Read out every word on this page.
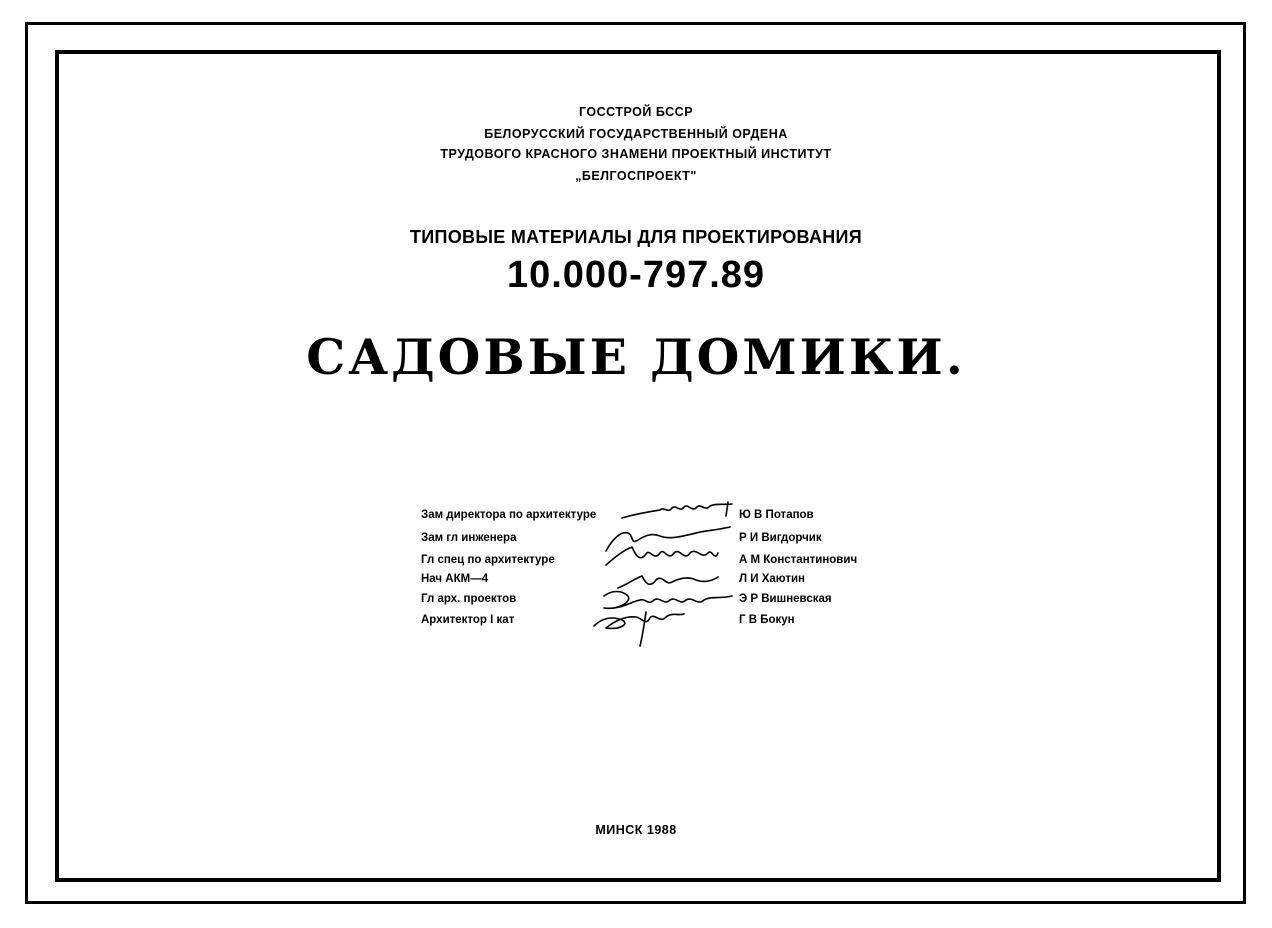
ГОССТРОЙ БССР
БЕЛОРУССКИЙ ГОСУДАРСТВЕННЫЙ ОРДЕНА
ТРУДОВОГО КРАСНОГО ЗНАМЕНИ ПРОЕКТНЫЙ ИНСТИТУТ
„БЕЛГОСПРОЕКТ"
ТИПОВЫЕ МАТЕРИАЛЫ ДЛЯ ПРОЕКТИРОВАНИЯ
10.000-797.89
САДОВЫЕ ДОМИКИ.
Зам директора по архитектуре	Ю В Потапов
Зам гл инженера	Р И Вигдорчик
Гл спец по архитектуре	А М Константинович
Нач АКМ—4	Л И Хаютин
Гл арх. проектов	Э Р Вишневская
Архитектор I кат	Г В Бокун
МИНСК 1988
